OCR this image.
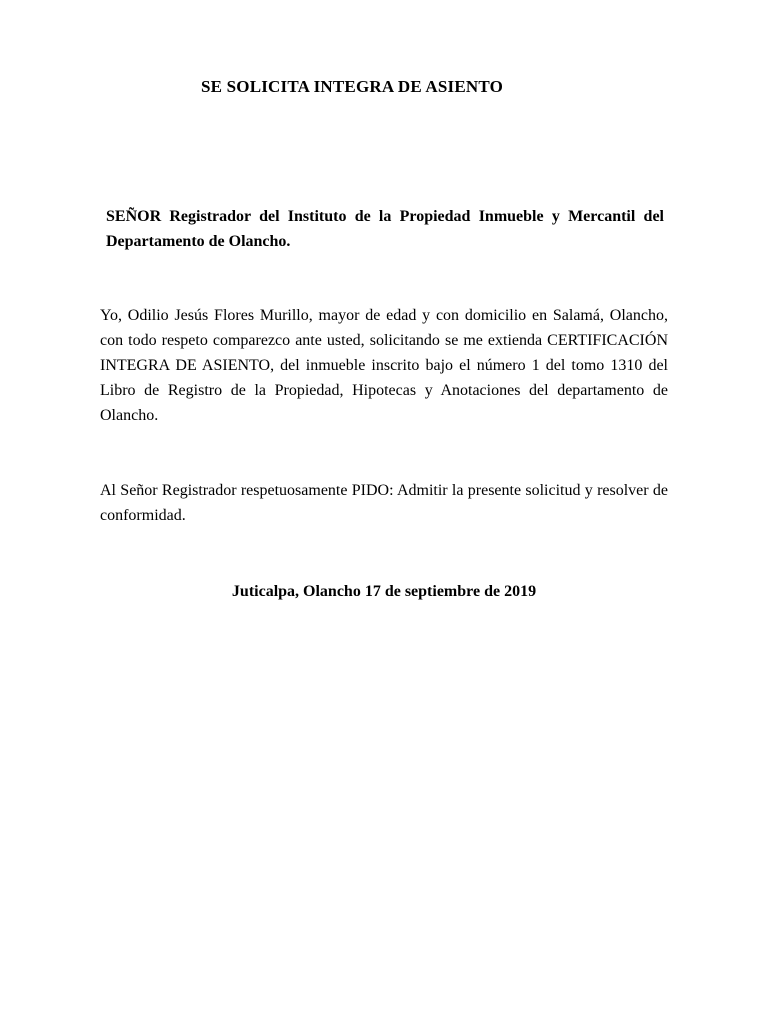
SE SOLICITA INTEGRA DE ASIENTO
SEÑOR Registrador del Instituto de la Propiedad Inmueble y Mercantil del Departamento de Olancho.
Yo, Odilio Jesús Flores Murillo, mayor de edad y con domicilio en Salamá, Olancho, con todo respeto comparezco ante usted, solicitando se me extienda CERTIFICACIÓN INTEGRA DE ASIENTO, del inmueble inscrito bajo el número 1 del tomo 1310 del Libro de Registro de la Propiedad, Hipotecas y Anotaciones del departamento de Olancho.
Al Señor Registrador respetuosamente PIDO: Admitir la presente solicitud y resolver de conformidad.
Juticalpa, Olancho 17 de septiembre de 2019
